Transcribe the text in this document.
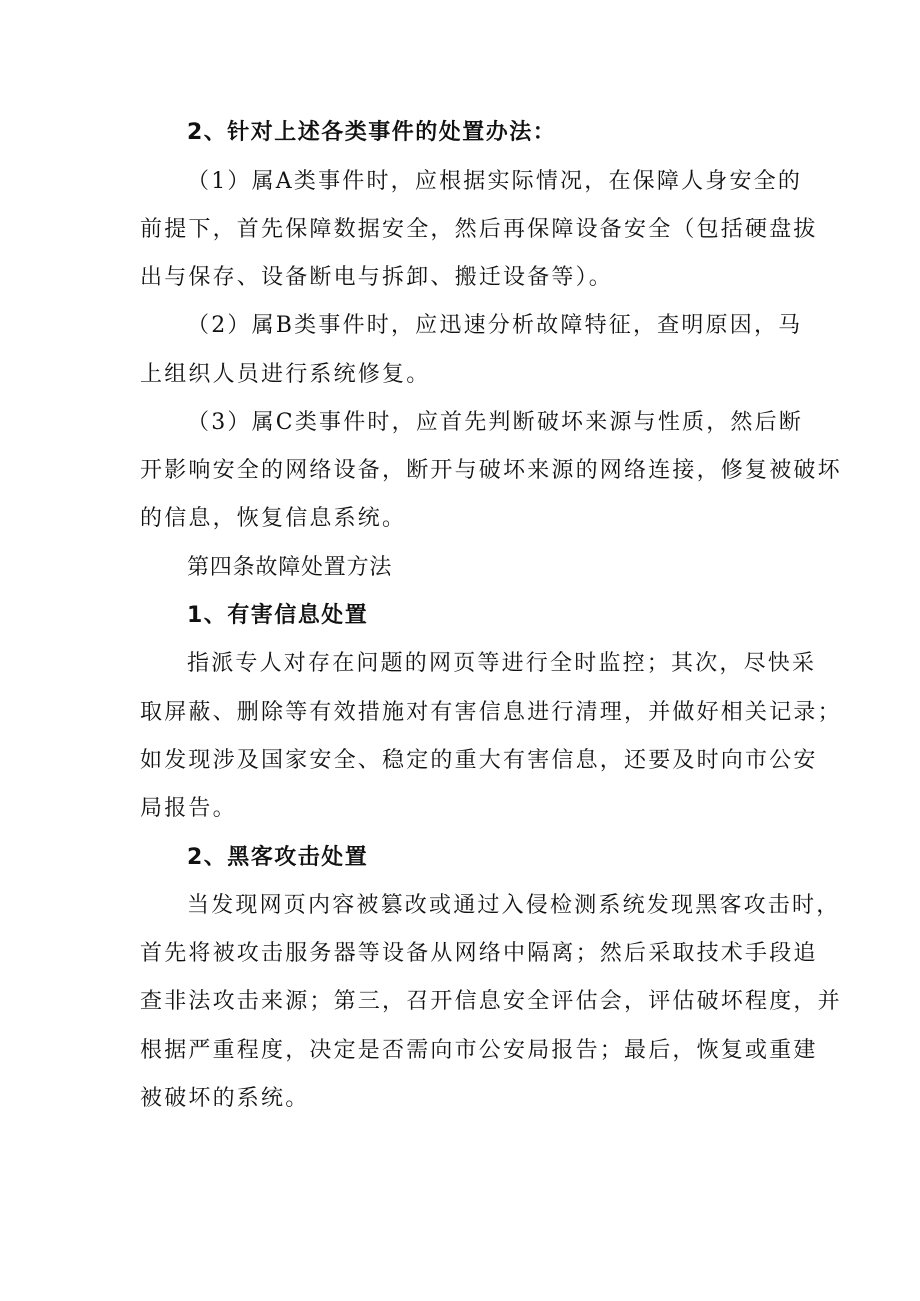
2、针对上述各类事件的处置办法：
（1）属A类事件时，应根据实际情况，在保障人身安全的
前提下，首先保障数据安全，然后再保障设备安全（包括硬盘拔
出与保存、设备断电与拆卸、搬迁设备等）。
（2）属B类事件时，应迅速分析故障特征，查明原因，马
上组织人员进行系统修复。
（3）属C类事件时，应首先判断破坏来源与性质，然后断
开影响安全的网络设备，断开与破坏来源的网络连接，修复被破坏
的信息，恢复信息系统。
第四条故障处置方法
1、有害信息处置
指派专人对存在问题的网页等进行全时监控；其次，尽快采
取屏蔽、删除等有效措施对有害信息进行清理，并做好相关记录；
如发现涉及国家安全、稳定的重大有害信息，还要及时向市公安
局报告。
2、黑客攻击处置
当发现网页内容被篡改或通过入侵检测系统发现黑客攻击时，
首先将被攻击服务器等设备从网络中隔离；然后采取技术手段追
查非法攻击来源；第三，召开信息安全评估会，评估破坏程度，并
根据严重程度，决定是否需向市公安局报告；最后，恢复或重建
被破坏的系统。
